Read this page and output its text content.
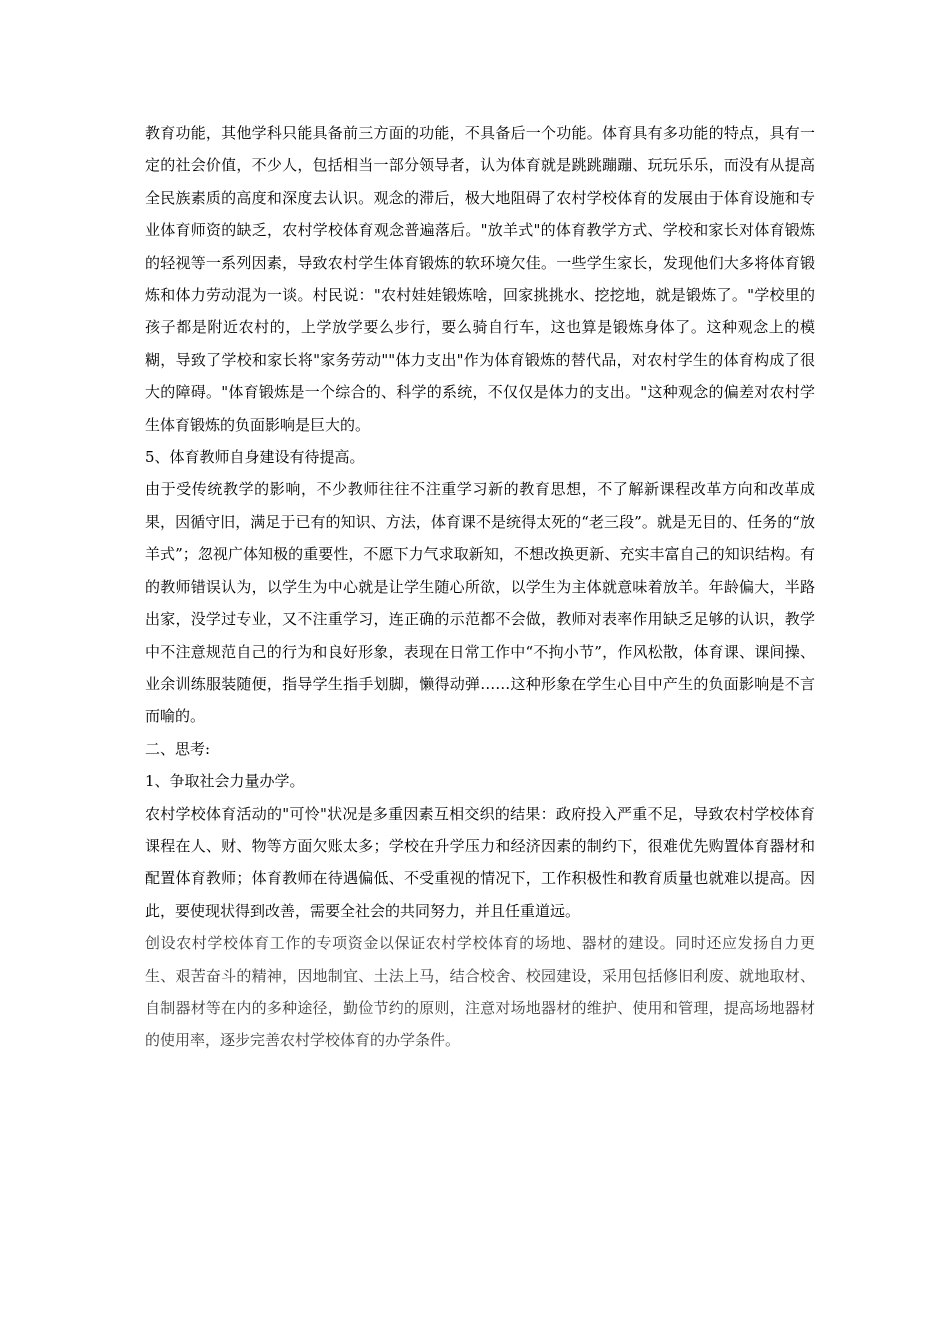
教育功能，其他学科只能具备前三方面的功能，不具备后一个功能。体育具有多功能的特点，具有一定的社会价值，不少人，包括相当一部分领导者，认为体育就是跳跳蹦蹦、玩玩乐乐，而没有从提高全民族素质的高度和深度去认识。观念的滞后，极大地阻碍了农村学校体育的发展由于体育设施和专业体育师资的缺乏，农村学校体育观念普遍落后。"放羊式"的体育教学方式、学校和家长对体育锻炼的轻视等一系列因素，导致农村学生体育锻炼的软环境欠佳。一些学生家长，发现他们大多将体育锻炼和体力劳动混为一谈。村民说："农村娃娃锻炼啥，回家挑挑水、挖挖地，就是锻炼了。"学校里的孩子都是附近农村的，上学放学要么步行，要么骑自行车，这也算是锻炼身体了。这种观念上的模糊，导致了学校和家长将"家务劳动""体力支出"作为体育锻炼的替代品，对农村学生的体育构成了很大的障碍。"体育锻炼是一个综合的、科学的系统，不仅仅是体力的支出。"这种观念的偏差对农村学生体育锻炼的负面影响是巨大的。

5、体育教师自身建设有待提高。

由于受传统教学的影响，不少教师往往不注重学习新的教育思想，不了解新课程改革方向和改革成果，因循守旧，满足于已有的知识、方法，体育课不是统得太死的“老三段”。就是无目的、任务的“放羊式”；忽视广体知极的重要性，不愿下力气求取新知，不想改换更新、充实丰富自己的知识结构。有的教师错误认为，以学生为中心就是让学生随心所欲，以学生为主体就意味着放羊。年龄偏大，半路出家，没学过专业，又不注重学习，连正确的示范都不会做，教师对表率作用缺乏足够的认识，教学中不注意规范自己的行为和良好形象，表现在日常工作中“不拘小节”，作风松散，体育课、课间操、业余训练服装随便，指导学生指手划脚，懒得动弹……这种形象在学生心目中产生的负面影响是不言而喻的。

二、思考:

1、争取社会力量办学。

农村学校体育活动的"可怜"状况是多重因素互相交织的结果：政府投入严重不足，导致农村学校体育课程在人、财、物等方面欠账太多；学校在升学压力和经济因素的制约下，很难优先购置体育器材和配置体育教师；体育教师在待遇偏低、不受重视的情况下，工作积极性和教育质量也就难以提高。因此，要使现状得到改善，需要全社会的共同努力，并且任重道远。

创设农村学校体育工作的专项资金以保证农村学校体育的场地、器材的建设。同时还应发扬自力更生、艰苦奋斗的精神，因地制宜、土法上马，结合校舍、校园建设，采用包括修旧利废、就地取材、自制器材等在内的多种途径，勤俭节约的原则，注意对场地器材的维护、使用和管理，提高场地器材的使用率，逐步完善农村学校体育的办学条件。
